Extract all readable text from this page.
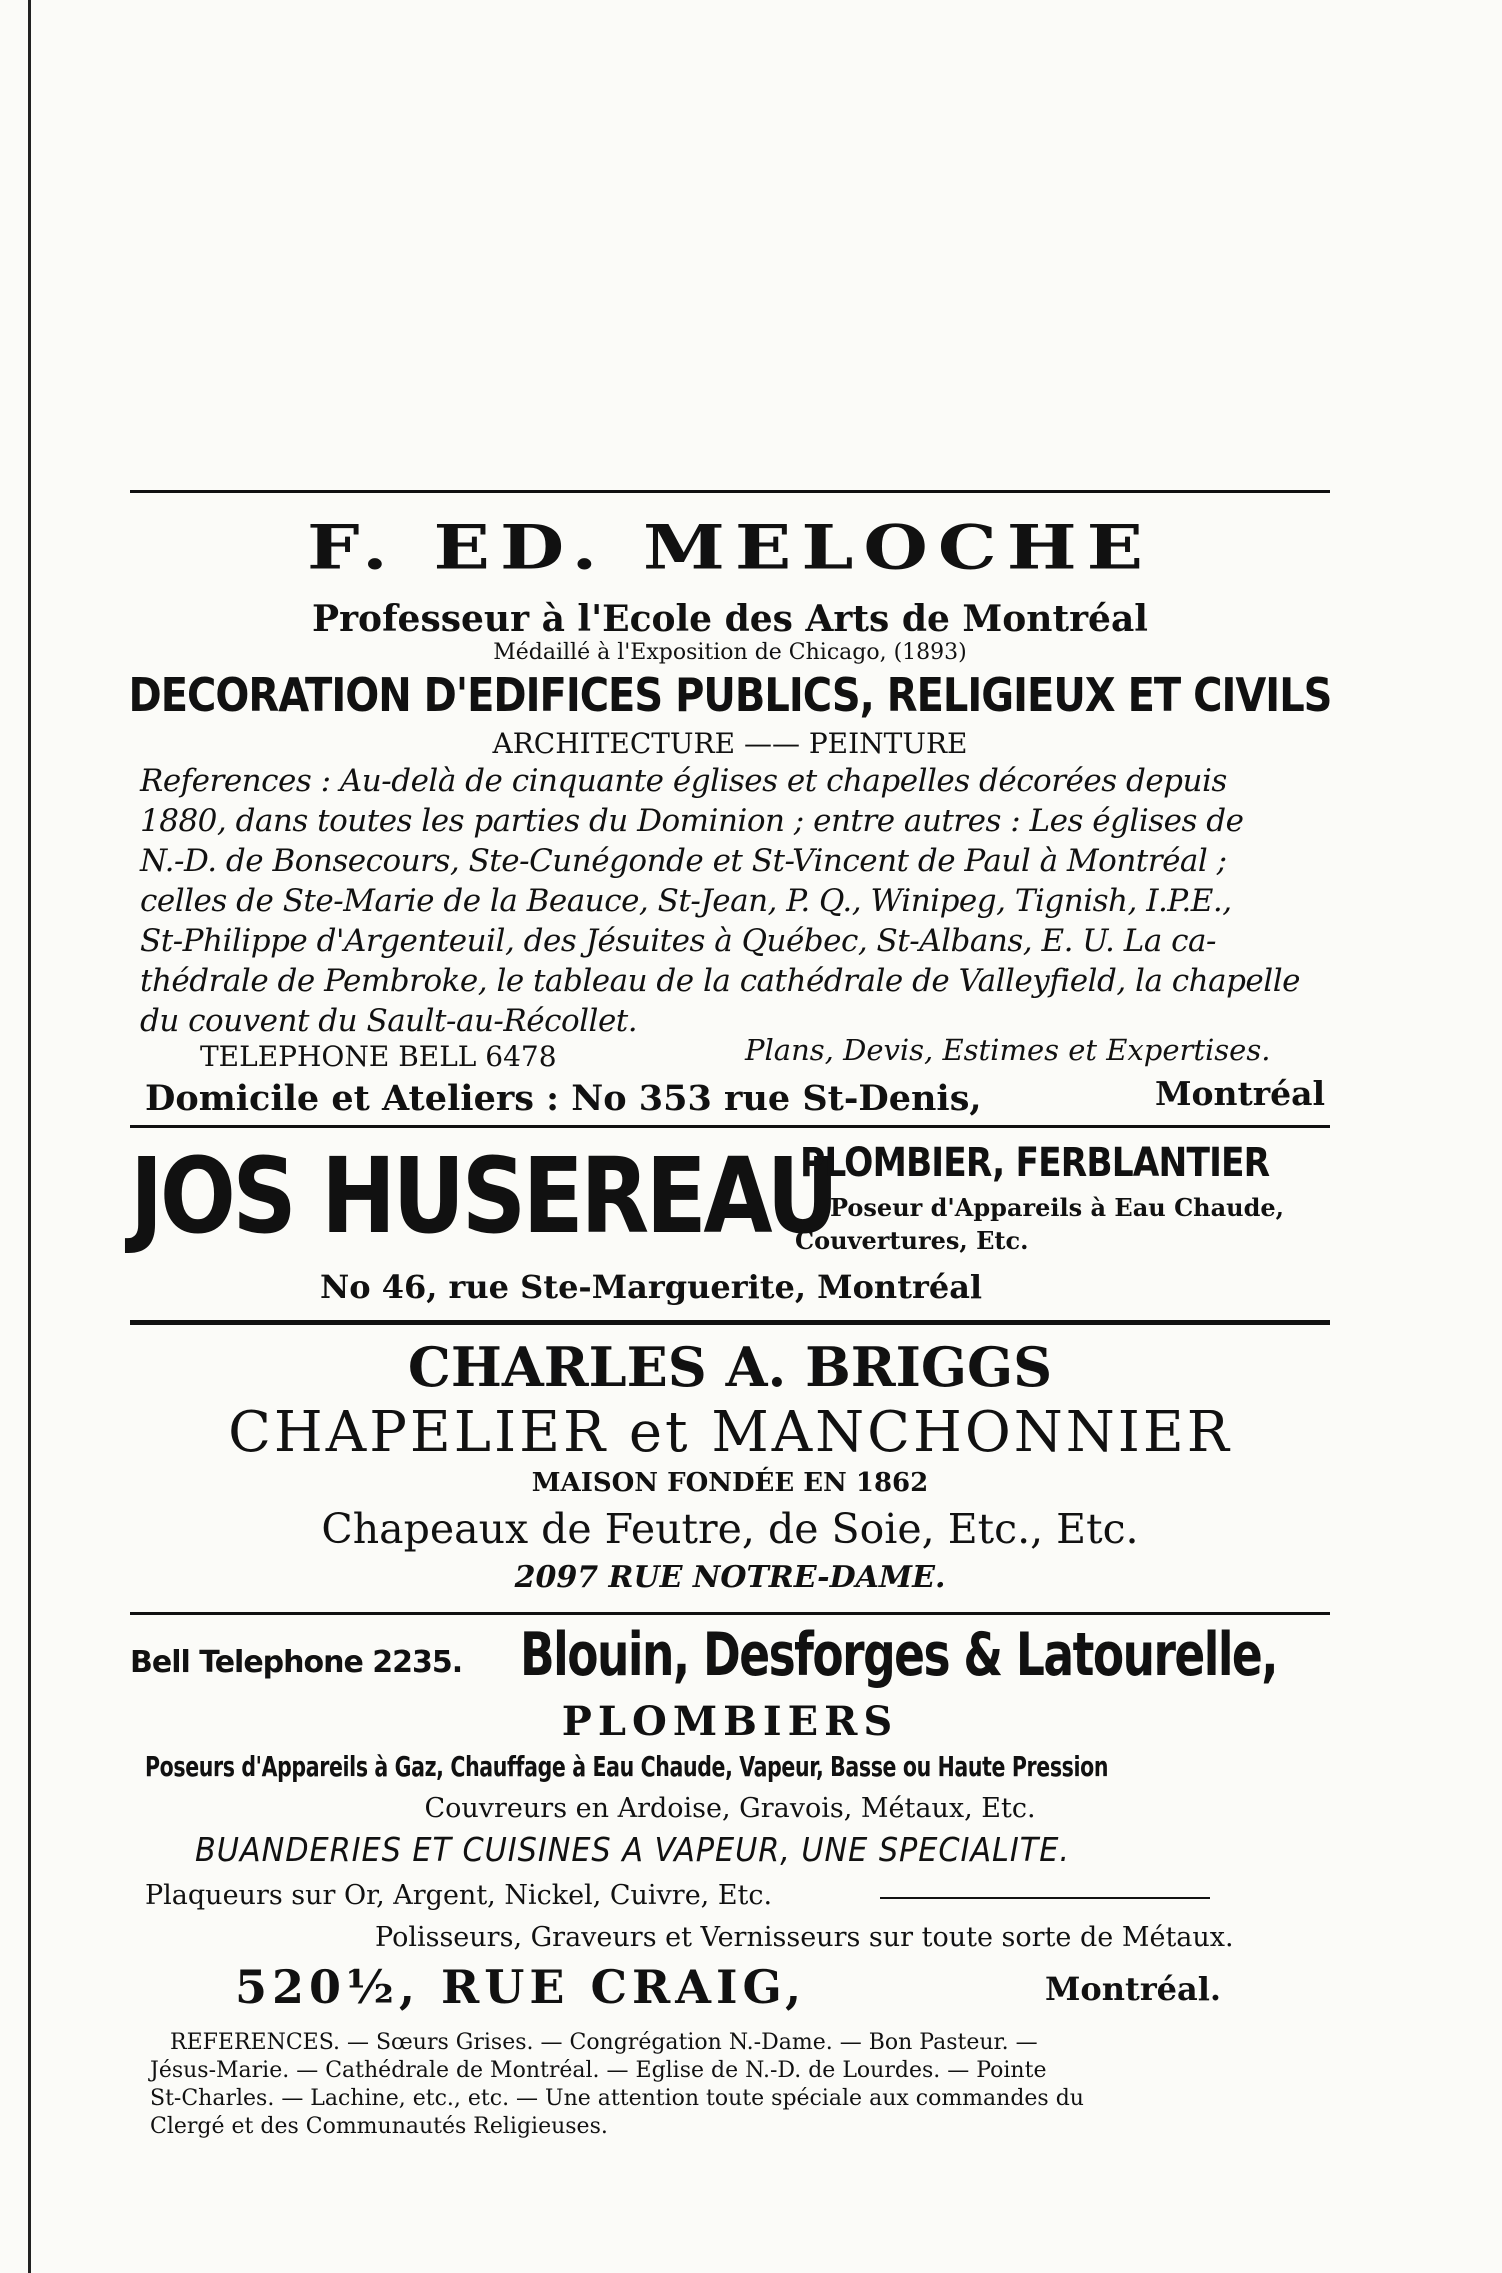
F. ED. MELOCHE
Professeur à l'Ecole des Arts de Montréal
Médaillé à l'Exposition de Chicago, (1893)
DECORATION D'EDIFICES PUBLICS, RELIGIEUX ET CIVILS
ARCHITECTURE —— PEINTURE
References : Au-delà de cinquante églises et chapelles décorées depuis
1880, dans toutes les parties du Dominion ; entre autres : Les églises de
N.-D. de Bonsecours, Ste-Cunégonde et St-Vincent de Paul à Montréal ;
celles de Ste-Marie de la Beauce, St-Jean, P. Q., Winipeg, Tignish, I.P.E.,
St-Philippe d'Argenteuil, des Jésuites à Québec, St-Albans, E. U. La ca-
thédrale de Pembroke, le tableau de la cathédrale de Valleyfield, la chapelle
du couvent du Sault-au-Récollet.
TELEPHONE BELL 6478	Plans, Devis, Estimes et Expertises.
Domicile et Ateliers : No 353 rue St-Denis,	Montréal
JOS HUSEREAU
PLOMBIER, FERBLANTIER
Poseur d'Appareils à Eau Chaude,
Couvertures, Etc.
No 46, rue Ste-Marguerite, Montréal
CHARLES A. BRIGGS
CHAPELIER et MANCHONNIER
MAISON FONDÉE EN 1862
Chapeaux de Feutre, de Soie, Etc., Etc.
2097 RUE NOTRE-DAME.
Bell Telephone 2235. Blouin, Desforges & Latourelle,
PLOMBIERS
Poseurs d'Appareils à Gaz, Chauffage à Eau Chaude, Vapeur, Basse ou Haute Pression
Couvreurs en Ardoise, Gravois, Métaux, Etc.
BUANDERIES ET CUISINES A VAPEUR, UNE SPECIALITE.
Plaqueurs sur Or, Argent, Nickel, Cuivre, Etc.
Polisseurs, Graveurs et Vernisseurs sur toute sorte de Métaux.
520½, RUE CRAIG,	Montréal.
REFERENCES. — Sœurs Grises. — Congrégation N.-Dame. — Bon Pasteur. —
Jésus-Marie. — Cathédrale de Montréal. — Eglise de N.-D. de Lourdes. — Pointe
St-Charles. — Lachine, etc., etc. — Une attention toute spéciale aux commandes du
Clergé et des Communautés Religieuses.
